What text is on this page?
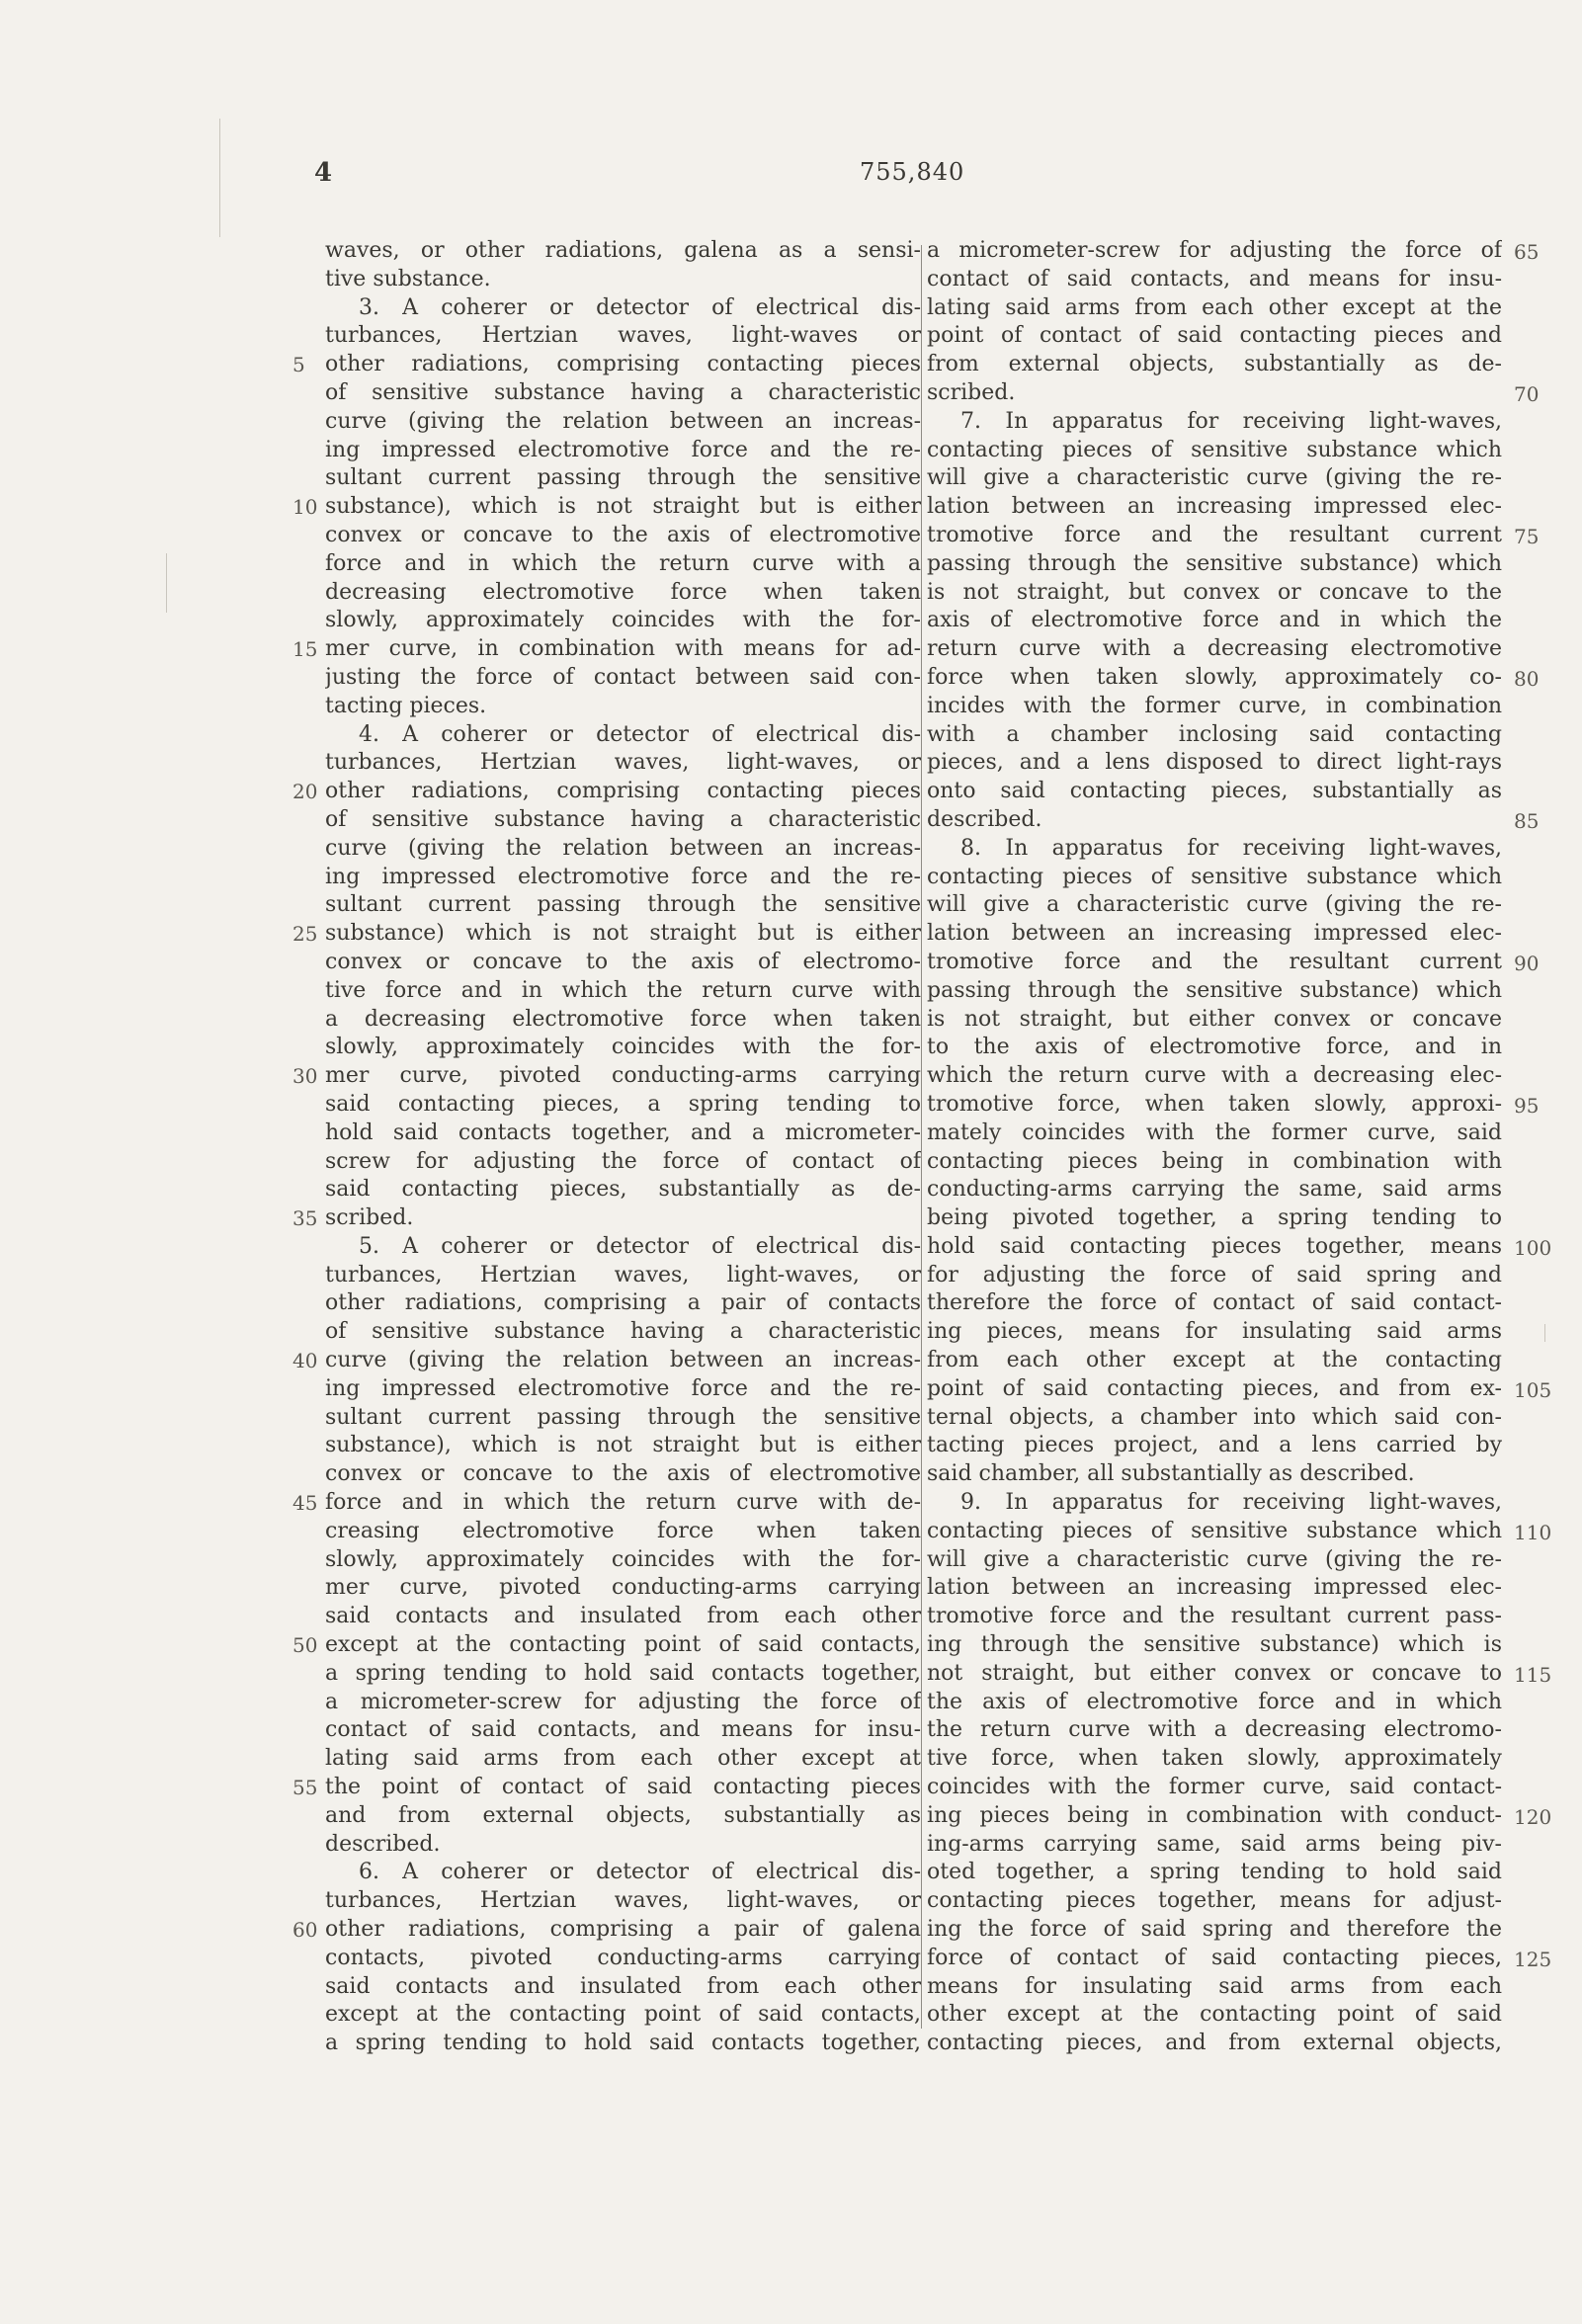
4	755,840

waves, or other radiations, galena as a sensi-

tive substance.

3. A coherer or detector of electrical dis-

turbances, Hertzian waves, light-waves or

other radiations, comprising contacting pieces

of sensitive substance having a characteristic

curve (giving the relation between an increas-

ing impressed electromotive force and the re-

sultant current passing through the sensitive

substance), which is not straight but is either

convex or concave to the axis of electromotive

force and in which the return curve with a

decreasing electromotive force when taken

slowly, approximately coincides with the for-

mer curve, in combination with means for ad-

justing the force of contact between said con-

tacting pieces.

4. A coherer or detector of electrical dis-

turbances, Hertzian waves, light-waves, or

other radiations, comprising contacting pieces

of sensitive substance having a characteristic

curve (giving the relation between an increas-

ing impressed electromotive force and the re-

sultant current passing through the sensitive

substance) which is not straight but is either

convex or concave to the axis of electromo-

tive force and in which the return curve with

a decreasing electromotive force when taken

slowly, approximately coincides with the for-

mer curve, pivoted conducting-arms carrying

said contacting pieces, a spring tending to

hold said contacts together, and a micrometer-

screw for adjusting the force of contact of

said contacting pieces, substantially as de-

scribed.

5. A coherer or detector of electrical dis-

turbances, Hertzian waves, light-waves, or

other radiations, comprising a pair of contacts

of sensitive substance having a characteristic

curve (giving the relation between an increas-

ing impressed electromotive force and the re-

sultant current passing through the sensitive

substance), which is not straight but is either

convex or concave to the axis of electromotive

force and in which the return curve with de-

creasing electromotive force when taken

slowly, approximately coincides with the for-

mer curve, pivoted conducting-arms carrying

said contacts and insulated from each other

except at the contacting point of said contacts,

a spring tending to hold said contacts together,

a micrometer-screw for adjusting the force of

contact of said contacts, and means for insu-

lating said arms from each other except at

the point of contact of said contacting pieces

and from external objects, substantially as

described.

6. A coherer or detector of electrical dis-

turbances, Hertzian waves, light-waves, or

other radiations, comprising a pair of galena

contacts, pivoted conducting-arms carrying

said contacts and insulated from each other

except at the contacting point of said contacts,

a spring tending to hold said contacts together,

a micrometer-screw for adjusting the force of

contact of said contacts, and means for insu-

lating said arms from each other except at the

point of contact of said contacting pieces and

from external objects, substantially as de-

scribed.

7. In apparatus for receiving light-waves,

contacting pieces of sensitive substance which

will give a characteristic curve (giving the re-

lation between an increasing impressed elec-

tromotive force and the resultant current

passing through the sensitive substance) which

is not straight, but convex or concave to the

axis of electromotive force and in which the

return curve with a decreasing electromotive

force when taken slowly, approximately co-

incides with the former curve, in combination

with a chamber inclosing said contacting

pieces, and a lens disposed to direct light-rays

onto said contacting pieces, substantially as

described.

8. In apparatus for receiving light-waves,

contacting pieces of sensitive substance which

will give a characteristic curve (giving the re-

lation between an increasing impressed elec-

tromotive force and the resultant current

passing through the sensitive substance) which

is not straight, but either convex or concave

to the axis of electromotive force, and in

which the return curve with a decreasing elec-

tromotive force, when taken slowly, approxi-

mately coincides with the former curve, said

contacting pieces being in combination with

conducting-arms carrying the same, said arms

being pivoted together, a spring tending to

hold said contacting pieces together, means

for adjusting the force of said spring and

therefore the force of contact of said contact-

ing pieces, means for insulating said arms

from each other except at the contacting

point of said contacting pieces, and from ex-

ternal objects, a chamber into which said con-

tacting pieces project, and a lens carried by

said chamber, all substantially as described.

9. In apparatus for receiving light-waves,

contacting pieces of sensitive substance which

will give a characteristic curve (giving the re-

lation between an increasing impressed elec-

tromotive force and the resultant current pass-

ing through the sensitive substance) which is

not straight, but either convex or concave to

the axis of electromotive force and in which

the return curve with a decreasing electromo-

tive force, when taken slowly, approximately

coincides with the former curve, said contact-

ing pieces being in combination with conduct-

ing-arms carrying same, said arms being piv-

oted together, a spring tending to hold said

contacting pieces together, means for adjust-

ing the force of said spring and therefore the

force of contact of said contacting pieces,

means for insulating said arms from each

other except at the contacting point of said

contacting pieces, and from external objects,

5
10
15
20
25
30
35
40
45
50
55
60
65
70
75
80
85
90
95
100
105
110
115
120
125
